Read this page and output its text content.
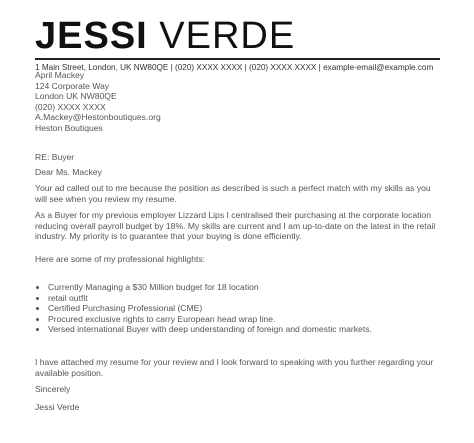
JESSI VERDE
1 Main Street, London, UK NW80QE | (020) XXXX XXXX | (020) XXXX XXXX | example-email@example.com
April Mackey
124 Corporate Way
London UK NW80QE
(020) XXXX XXXX
A.Mackey@Hestonboutiques.org
Heston Boutiques
RE: Buyer
Dear Ms. Mackey
Your ad called out to me because the position as described is such a perfect match with my skills as you will see when you review my resume.
As a Buyer for my previous employer Lizzard Lips I centralised their purchasing at the corporate location reducing overall payroll budget by 18%. My skills are current and I am up-to-date on the latest in the retail industry. My priority is to guarantee that your buying is done efficiently.
Here are some of my professional highlights:
• Currently Managing a $30 Million budget for 18 location
• retail outfit
• Certified Purchasing Professional (CME)
• Procured exclusive rights to carry European head wrap line.
• Versed international Buyer with deep understanding of foreign and domestic markets.
I have attached my resume for your review and I look forward to speaking with you further regarding your available position.
Sincerely
Jessi Verde
